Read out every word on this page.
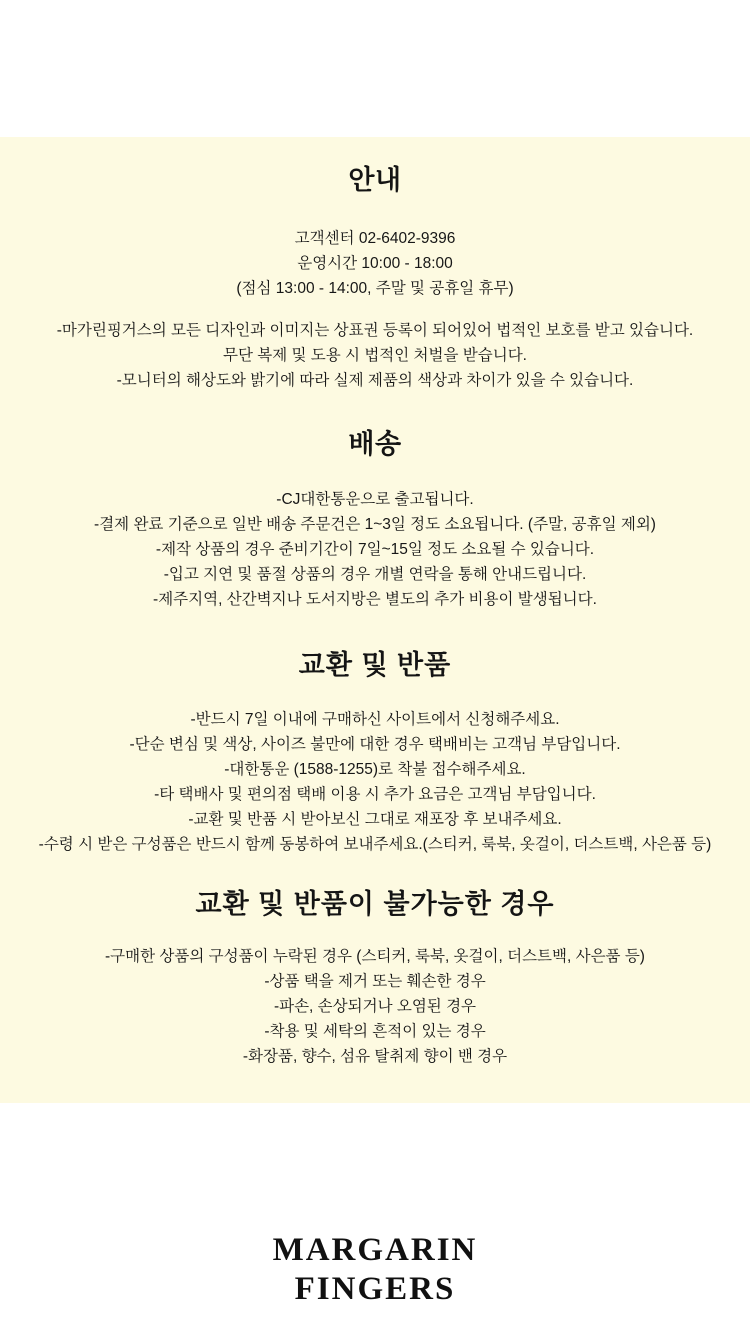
안내
고객센터 02-6402-9396
운영시간 10:00 - 18:00
(점심 13:00 - 14:00, 주말 및 공휴일 휴무)
-마가린핑거스의 모든 디자인과 이미지는 상표권 등록이 되어있어 법적인 보호를 받고 있습니다.
무단 복제 및 도용 시 법적인 처벌을 받습니다.
-모니터의 해상도와 밝기에 따라 실제 제품의 색상과 차이가 있을 수 있습니다.
배송
-CJ대한통운으로 출고됩니다.
-결제 완료 기준으로 일반 배송 주문건은 1~3일 정도 소요됩니다. (주말, 공휴일 제외)
-제작 상품의 경우 준비기간이 7일~15일 정도 소요될 수 있습니다.
-입고 지연 및 품절 상품의 경우 개별 연락을 통해 안내드립니다.
-제주지역, 산간벽지나 도서지방은 별도의 추가 비용이 발생됩니다.
교환 및 반품
-반드시 7일 이내에 구매하신 사이트에서 신청해주세요.
-단순 변심 및 색상, 사이즈 불만에 대한 경우 택배비는 고객님 부담입니다.
-대한통운 (1588-1255)로 착불 접수해주세요.
-타 택배사 및 편의점 택배 이용 시 추가 요금은 고객님 부담입니다.
-교환 및 반품 시 받아보신 그대로 재포장 후 보내주세요.
-수령 시 받은 구성품은 반드시 함께 동봉하여 보내주세요.(스티커, 룩북, 옷걸이, 더스트백, 사은품 등)
교환 및 반품이 불가능한 경우
-구매한 상품의 구성품이 누락된 경우 (스티커, 룩북, 옷걸이, 더스트백, 사은품 등)
-상품 택을 제거 또는 훼손한 경우
-파손, 손상되거나 오염된 경우
-착용 및 세탁의 흔적이 있는 경우
-화장품, 향수, 섬유 탈취제 향이 밴 경우
MARGARIN
FINGERS
